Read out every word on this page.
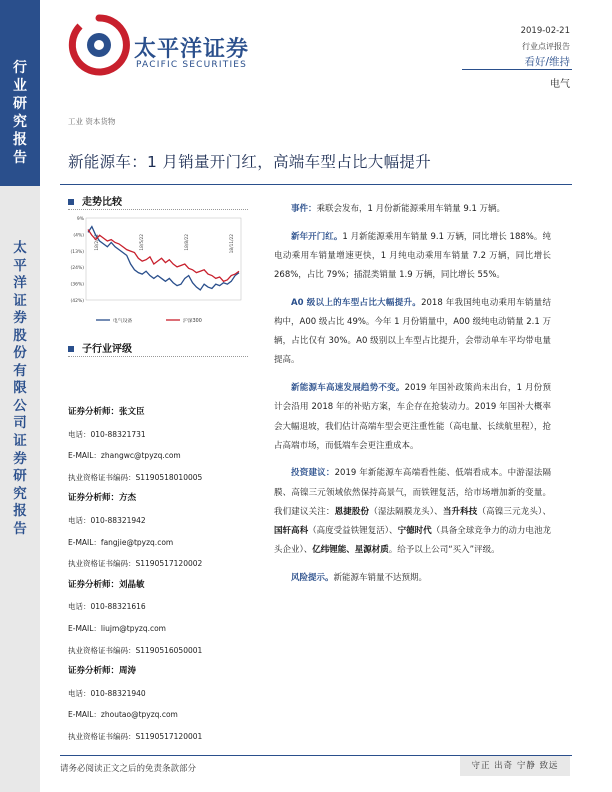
行
业
研
究
报
告
太
平
洋
证
券
股
份
有
限
公
司
证
券
研
究
报
告
太平洋证券
PACIFIC SECURITIES
2019-02-21
行业点评报告
看好/维持
电气
工业 资本货物
新能源车：1 月销量开门红，高端车型占比大幅提升
走势比较
9%
(4%)
(13%)
(24%)
(36%)
(42%)
18/2/22	18/5/22	18/8/22	18/11/22
电气设备	沪深300
子行业评级
证券分析师：张文臣
电话：010-88321731
E-MAIL：zhangwc@tpyzq.com
执业资格证书编码：S1190518010005
证券分析师：方杰
电话：010-88321942
E-MAIL：fangjie@tpyzq.com
执业资格证书编码：S1190517120002
证券分析师：刘晶敏
电话：010-88321616
E-MAIL：liujm@tpyzq.com
执业资格证书编码：S1190516050001
证券分析师：周涛
电话：010-88321940
E-MAIL：zhoutao@tpyzq.com
执业资格证书编码：S1190517120001

事件：乘联会发布，1 月份新能源乘用车销量 9.1 万辆。

新年开门红。1 月新能源乘用车销量 9.1 万辆，同比增长 188%。纯电动乘用车销量增速更快，1 月纯电动乘用车销量 7.2 万辆，同比增长 268%，占比 79%；插混类销量 1.9 万辆，同比增长 55%。

A0 级以上的车型占比大幅提升。2018 年我国纯电动乘用车销量结构中，A00 级占比 49%。今年 1 月份销量中，A00 级纯电动销量 2.1 万辆，占比仅有 30%。A0 级别以上车型占比提升，会带动单车平均带电量提高。

新能源车高速发展趋势不变。2019 年国补政策尚未出台，1 月份预计会沿用 2018 年的补贴方案，车企存在抢装动力。2019 年国补大概率会大幅退坡，我们估计高端车型会更注重性能（高电量、长续航里程），抢占高端市场，而低端车会更注重成本。

投资建议：2019 年新能源车高端看性能、低端看成本。中游湿法隔膜、高镍三元领域依然保持高景气，而铁锂复活，给市场增加新的变量。我们建议关注：恩捷股份（湿法隔膜龙头）、当升科技（高镍三元龙头）、国轩高科（高度受益铁锂复活）、宁德时代（具备全球竞争力的动力电池龙头企业）、亿纬锂能、星源材质。给予以上公司“买入”评级。

风险提示。新能源车销量不达预期。

请务必阅读正文之后的免责条款部分	守正 出奇 宁静 致远
